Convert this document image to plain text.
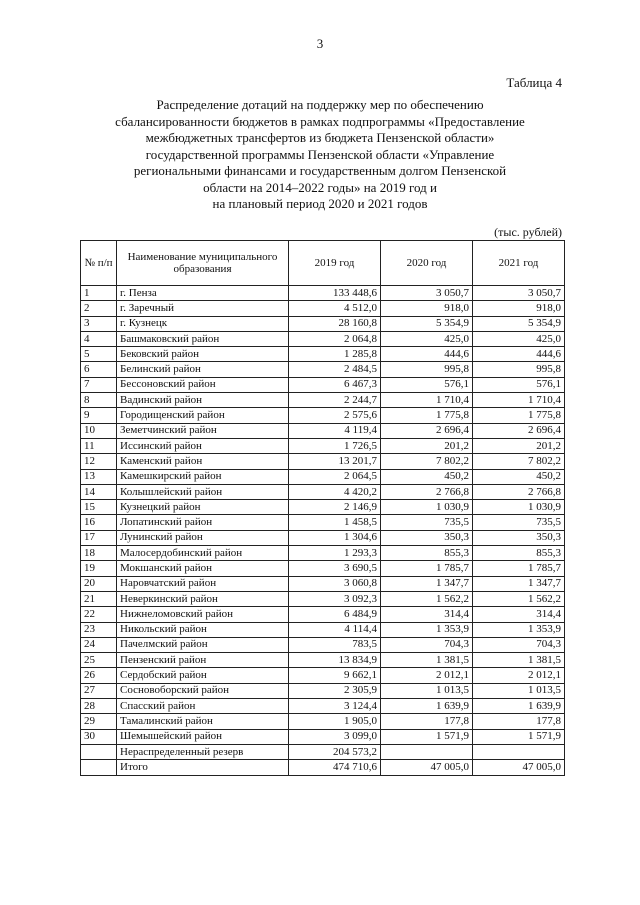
3
Таблица 4
Распределение дотаций на поддержку мер по обеспечению
сбалансированности бюджетов в рамках подпрограммы «Предоставление
межбюджетных трансфертов из бюджета Пензенской области»
государственной программы Пензенской области «Управление
региональными финансами и государственным долгом Пензенской
области на 2014–2022 годы» на 2019 год и
на плановый период 2020 и 2021 годов
(тыс. рублей)
№ п/п	Наименование муниципального образования	2019 год	2020 год	2021 год
1	г. Пенза	133 448,6	3 050,7	3 050,7
2	г. Заречный	4 512,0	918,0	918,0
3	г. Кузнецк	28 160,8	5 354,9	5 354,9
4	Башмаковский район	2 064,8	425,0	425,0
5	Бековский район	1 285,8	444,6	444,6
6	Белинский район	2 484,5	995,8	995,8
7	Бессоновский район	6 467,3	576,1	576,1
8	Вадинский район	2 244,7	1 710,4	1 710,4
9	Городищенский район	2 575,6	1 775,8	1 775,8
10	Земетчинский район	4 119,4	2 696,4	2 696,4
11	Иссинский район	1 726,5	201,2	201,2
12	Каменский район	13 201,7	7 802,2	7 802,2
13	Камешкирский район	2 064,5	450,2	450,2
14	Колышлейский район	4 420,2	2 766,8	2 766,8
15	Кузнецкий район	2 146,9	1 030,9	1 030,9
16	Лопатинский район	1 458,5	735,5	735,5
17	Лунинский район	1 304,6	350,3	350,3
18	Малосердобинский район	1 293,3	855,3	855,3
19	Мокшанский район	3 690,5	1 785,7	1 785,7
20	Наровчатский район	3 060,8	1 347,7	1 347,7
21	Неверкинский район	3 092,3	1 562,2	1 562,2
22	Нижнеломовский район	6 484,9	314,4	314,4
23	Никольский район	4 114,4	1 353,9	1 353,9
24	Пачелмский район	783,5	704,3	704,3
25	Пензенский район	13 834,9	1 381,5	1 381,5
26	Сердобский район	9 662,1	2 012,1	2 012,1
27	Сосновоборский район	2 305,9	1 013,5	1 013,5
28	Спасский район	3 124,4	1 639,9	1 639,9
29	Тамалинский район	1 905,0	177,8	177,8
30	Шемышейский район	3 099,0	1 571,9	1 571,9
	Нераспределенный резерв	204 573,2		
	Итого	474 710,6	47 005,0	47 005,0
